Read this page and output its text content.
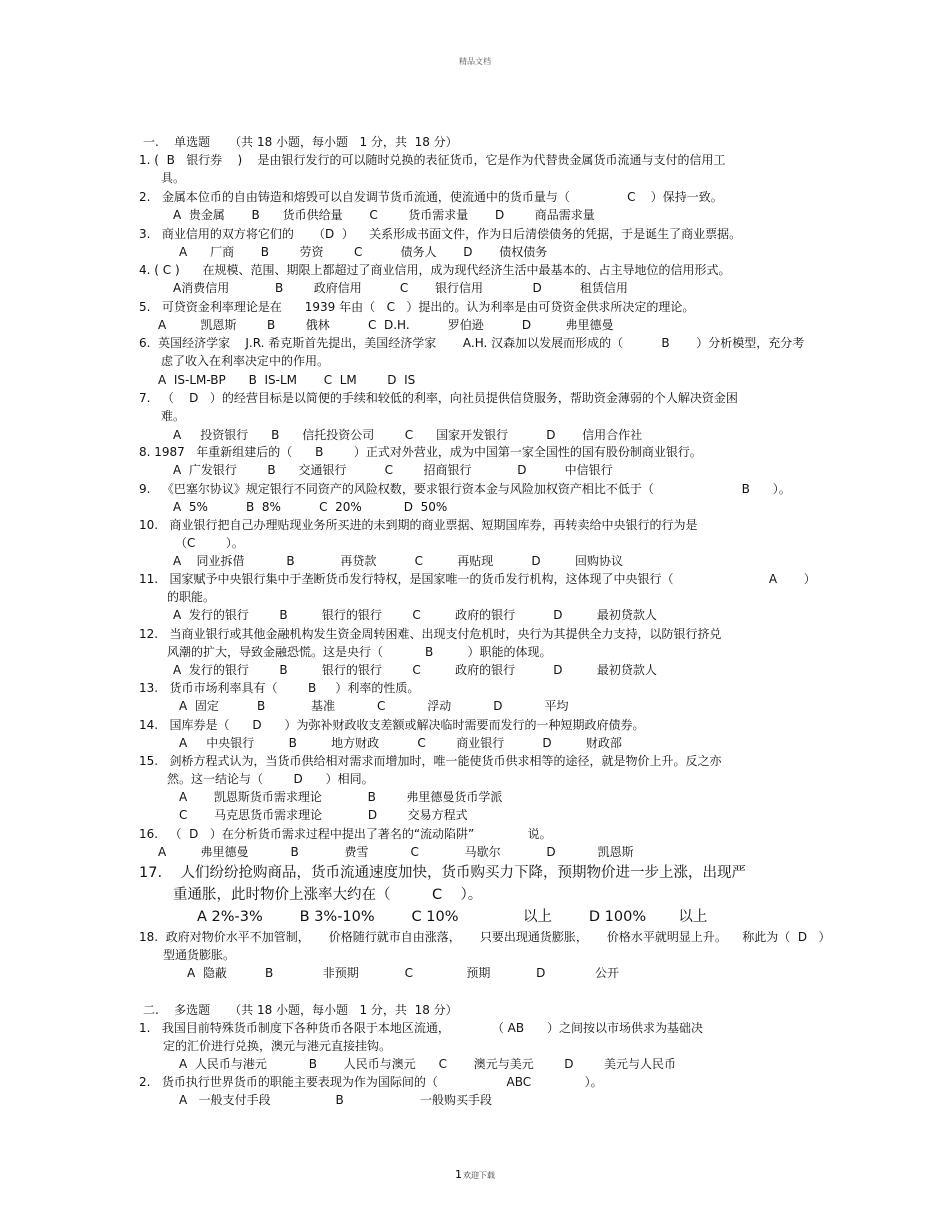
精品文档
一.    单选题     （共 18 小题，每小题   1 分，共  18 分）
1. (  B   银行券    )    是由银行发行的可以随时兑换的表征货币，它是作为代替贵金属货币流通与支付的信用工
具。
2.   金属本位币的自由铸造和熔毁可以自发调节货币流通，使流通中的货币量与（               C    ）保持一致。
A  贵金属       B      货币供给量       C        货币需求量       D        商品需求量
3.   商业信用的双方将它们的     （D  ）    关系形成书面文件，作为日后清偿债务的凭据，于是诞生了商业票据。
A      厂商       B        劳资        C          债务人       D       债权债务
4. ( C )      在规模、范围、期限上都超过了商业信用，成为现代经济生活中最基本的、占主导地位的信用形式。
A消费信用            B        政府信用          C       银行信用             D          租赁信用
5.   可贷资金利率理论是在      1939 年由（   C   ）提出的。认为利率是由可贷资金供求所决定的理论。
A         凯恩斯        B        俄林          C  D.H.          罗伯逊          D         弗里德曼
6.  英国经济学家    J.R. 希克斯首先提出，美国经济学家       A.H. 汉森加以发展而形成的（          B       ）分析模型，充分考
虑了收入在利率决定中的作用。
A  IS-LM-BP      B  IS-LM       C  LM        D  IS
7.   （    D   ）的经营目标是以简便的手续和较低的利率，向社员提供信贷服务，帮助资金薄弱的个人解决资金困
难。
A     投资银行      B      信托投资公司        C      国家开发银行          D       信用合作社
8. 1987   年重新组建后的（      B        ）正式对外营业，成为中国第一家全国性的国有股份制商业银行。
A  广发银行        B      交通银行          C        招商银行            D          中信银行
9.   《巴塞尔协议》规定银行不同资产的风险权数，要求银行资本金与风险加权资产相比不低于（                       B      ）。
A  5%          B  8%          C  20%           D  50%
10.   商业银行把自己办理贴现业务所买进的未到期的商业票据、短期国库券，再转卖给中央银行的行为是
（C        ）。
A    同业拆借           B            再贷款          C         再贴现          D         回购协议
11.   国家赋予中央银行集中于垄断货币发行特权，是国家唯一的货币发行机构，这体现了中央银行（                         A       ）
的职能。
A  发行的银行        B         银行的银行        C         政府的银行          D         最初贷款人
12.   当商业银行或其他金融机构发生资金周转困难、出现支付危机时，央行为其提供全力支持，以防银行挤兑
风潮的扩大，导致金融恐慌。这是央行（           B         ）职能的体现。
A  发行的银行        B         银行的银行        C         政府的银行          D         最初贷款人
13.   货币市场利率具有（        B     ）利率的性质。
A  固定          B            基准           C           浮动           D           平均
14.   国库券是（      D      ）为弥补财政收支差额或解决临时需要而发行的一种短期政府债券。
A     中央银行         B         地方财政          C        商业银行          D         财政部
15.   剑桥方程式认为，当货币供给相对需求而增加时，唯一能使货币供求相等的途径，就是物价上升。反之亦
然。这一结论与（        D      ）相同。
A       凯恩斯货币需求理论            B        弗里德曼货币学派
C       马克思货币需求理论            D        交易方程式
16.   （  D   ）在分析货币需求过程中提出了著名的“流动陷阱”              说。
A         弗里德曼           B            费雪           C            马歇尔            D           凯恩斯
17.    人们纷纷抢购商品，货币流通速度加快，货币购买力下降，预期物价进一步上涨，出现严
重通胀，此时物价上涨率大约在（         C    ）。
A 2%-3%        B 3%-10%        C 10%              以上        D 100%       以上
18.  政府对物价水平不加管制，     价格随行就市自由涨落，     只要出现通货膨胀，     价格水平就明显上升。    称此为（  D   ）
型通货膨胀。
A  隐蔽          B             非预期            C              预期            D             公开
二.    多选题     （共 18 小题，每小题   1 分，共  18 分）
1.   我国目前特殊货币制度下各种货币各限于本地区流通，           （ AB      ）之间按以市场供求为基础决
定的汇价进行兑换，澳元与港元直接挂钩。
A  人民币与港元           B       人民币与澳元      C       澳元与美元        D        美元与人民币
2.   货币执行世界货币的职能主要表现为作为国际间的（                  ABC              ）。
A   一般支付手段                 B                    一般购买手段
1欢迎下载
